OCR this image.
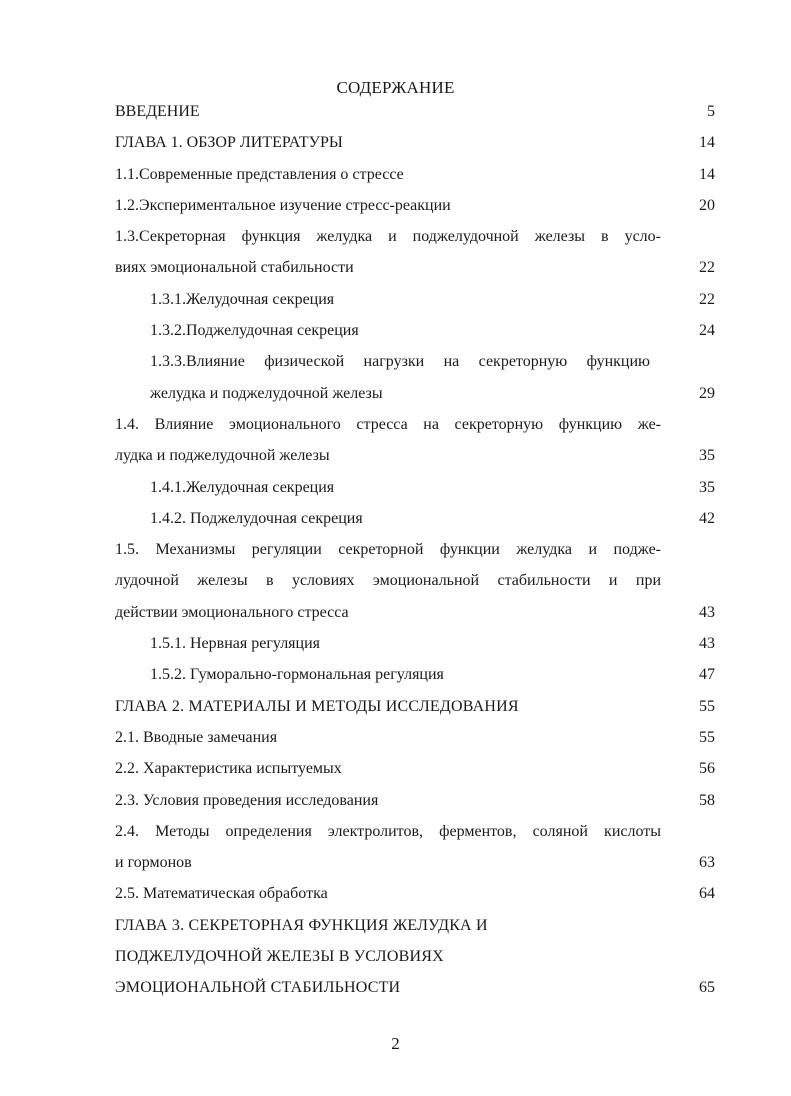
СОДЕРЖАНИЕ
ВВЕДЕНИЕ	5
ГЛАВА 1. ОБЗОР ЛИТЕРАТУРЫ	14
1.1.Современные представления о стрессе	14
1.2.Экспериментальное изучение стресс-реакции	20
1.3.Секреторная функция желудка и поджелудочной железы в усло-
виях эмоциональной стабильности	22
1.3.1.Желудочная секреция	22
1.3.2.Поджелудочная секреция	24
1.3.3.Влияние физической нагрузки на секреторную функцию
желудка и поджелудочной железы	29
1.4. Влияние эмоционального стресса на секреторную функцию же-
лудка и поджелудочной железы	35
1.4.1.Желудочная секреция	35
1.4.2. Поджелудочная секреция	42
1.5. Механизмы регуляции секреторной функции желудка и подже-
лудочной железы в условиях эмоциональной стабильности и при
действии эмоционального стресса	43
1.5.1. Нервная регуляция	43
1.5.2. Гуморально-гормональная регуляция	47
ГЛАВА 2. МАТЕРИАЛЫ И МЕТОДЫ ИССЛЕДОВАНИЯ	55
2.1. Вводные замечания	55
2.2. Характеристика испытуемых	56
2.3. Условия проведения исследования	58
2.4. Методы определения электролитов, ферментов, соляной кислоты
и гормонов	63
2.5. Математическая обработка	64
ГЛАВА 3. СЕКРЕТОРНАЯ ФУНКЦИЯ ЖЕЛУДКА И
ПОДЖЕЛУДОЧНОЙ ЖЕЛЕЗЫ В УСЛОВИЯХ
ЭМОЦИОНАЛЬНОЙ СТАБИЛЬНОСТИ	65
2
